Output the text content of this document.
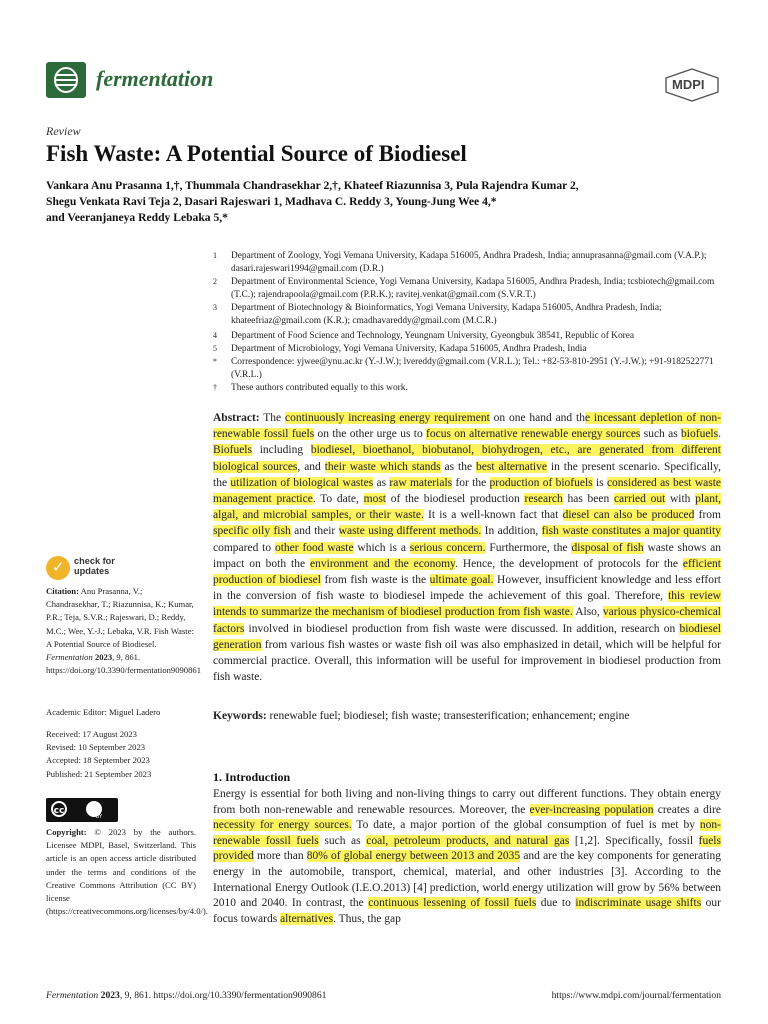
fermentation	MDPI
Review
Fish Waste: A Potential Source of Biodiesel
Vankara Anu Prasanna 1,†, Thummala Chandrasekhar 2,†, Khateef Riazunnisa 3, Pula Rajendra Kumar 2,
Shegu Venkata Ravi Teja 2, Dasari Rajeswari 1, Madhava C. Reddy 3, Young-Jung Wee 4,*
and Veeranjaneya Reddy Lebaka 5,*
1 Department of Zoology, Yogi Vemana University, Kadapa 516005, Andhra Pradesh, India; annuprasanna@gmail.com (V.A.P.); dasari.rajeswari1994@gmail.com (D.R.)
2 Department of Environmental Science, Yogi Vemana University, Kadapa 516005, Andhra Pradesh, India; tcsbiotech@gmail.com (T.C.); rajendrapoola@gmail.com (P.R.K.); ravitej.venkat@gmail.com (S.V.R.T.)
3 Department of Biotechnology & Bioinformatics, Yogi Vemana University, Kadapa 516005, Andhra Pradesh, India; khateefriaz@gmail.com (K.R.); cmadhavareddy@gmail.com (M.C.R.)
4 Department of Food Science and Technology, Yeungnam University, Gyeongbuk 38541, Republic of Korea
5 Department of Microbiology, Yogi Vemana University, Kadapa 516005, Andhra Pradesh, India
* Correspondence: yjwee@ynu.ac.kr (Y.-J.W.); lvereddy@gmail.com (V.R.L.); Tel.: +82-53-810-2951 (Y.-J.W.); +91-9182522771 (V.R.L.)
† These authors contributed equally to this work.
✓
check for
updates
Citation: Anu Prasanna, V.; Chandrasekhar, T.; Riazunnisa, K.; Kumar, P.R.; Teja, S.V.R.; Rajeswari, D.; Reddy, M.C.; Wee, Y.-J.; Lebaka, V.R. Fish Waste: A Potential Source of Biodiesel. Fermentation 2023, 9, 861. https://doi.org/10.3390/fermentation9090861
Academic Editor: Miguel Ladero
Received: 17 August 2023
Revised: 10 September 2023
Accepted: 18 September 2023
Published: 21 September 2023
cc
BY
Copyright: © 2023 by the authors. Licensee MDPI, Basel, Switzerland. This article is an open access article distributed under the terms and conditions of the Creative Commons Attribution (CC BY) license (https://creativecommons.org/licenses/by/4.0/).
Abstract: The continuously increasing energy requirement on one hand and the incessant depletion of non-renewable fossil fuels on the other urge us to focus on alternative renewable energy sources such as biofuels. Biofuels including biodiesel, bioethanol, biobutanol, biohydrogen, etc., are generated from different biological sources, and their waste which stands as the best alternative in the present scenario. Specifically, the utilization of biological wastes as raw materials for the production of biofuels is considered as best waste management practice. To date, most of the biodiesel production research has been carried out with plant, algal, and microbial samples, or their waste. It is a well-known fact that diesel can also be produced from specific oily fish and their waste using different methods. In addition, fish waste constitutes a major quantity compared to other food waste which is a serious concern. Furthermore, the disposal of fish waste shows an impact on both the environment and the economy. Hence, the development of protocols for the efficient production of biodiesel from fish waste is the ultimate goal. However, insufficient knowledge and less effort in the conversion of fish waste to biodiesel impede the achievement of this goal. Therefore, this review intends to summarize the mechanism of biodiesel production from fish waste. Also, various physico-chemical factors involved in biodiesel production from fish waste were discussed. In addition, research on biodiesel generation from various fish wastes or waste fish oil was also emphasized in detail, which will be helpful for commercial practice. Overall, this information will be useful for improvement in biodiesel production from fish waste.
Keywords: renewable fuel; biodiesel; fish waste; transesterification; enhancement; engine
1. Introduction
Energy is essential for both living and non-living things to carry out different functions. They obtain energy from both non-renewable and renewable resources. Moreover, the ever-increasing population creates a dire necessity for energy sources. To date, a major portion of the global consumption of fuel is met by non-renewable fossil fuels such as coal, petroleum products, and natural gas [1,2]. Specifically, fossil fuels provided more than 80% of global energy between 2013 and 2035 and are the key components for generating energy in the automobile, transport, chemical, material, and other industries [3]. According to the International Energy Outlook (I.E.O.2013) [4] prediction, world energy utilization will grow by 56% between 2010 and 2040. In contrast, the continuous lessening of fossil fuels due to indiscriminate usage shifts our focus towards alternatives. Thus, the gap
Fermentation 2023, 9, 861. https://doi.org/10.3390/fermentation9090861	https://www.mdpi.com/journal/fermentation
